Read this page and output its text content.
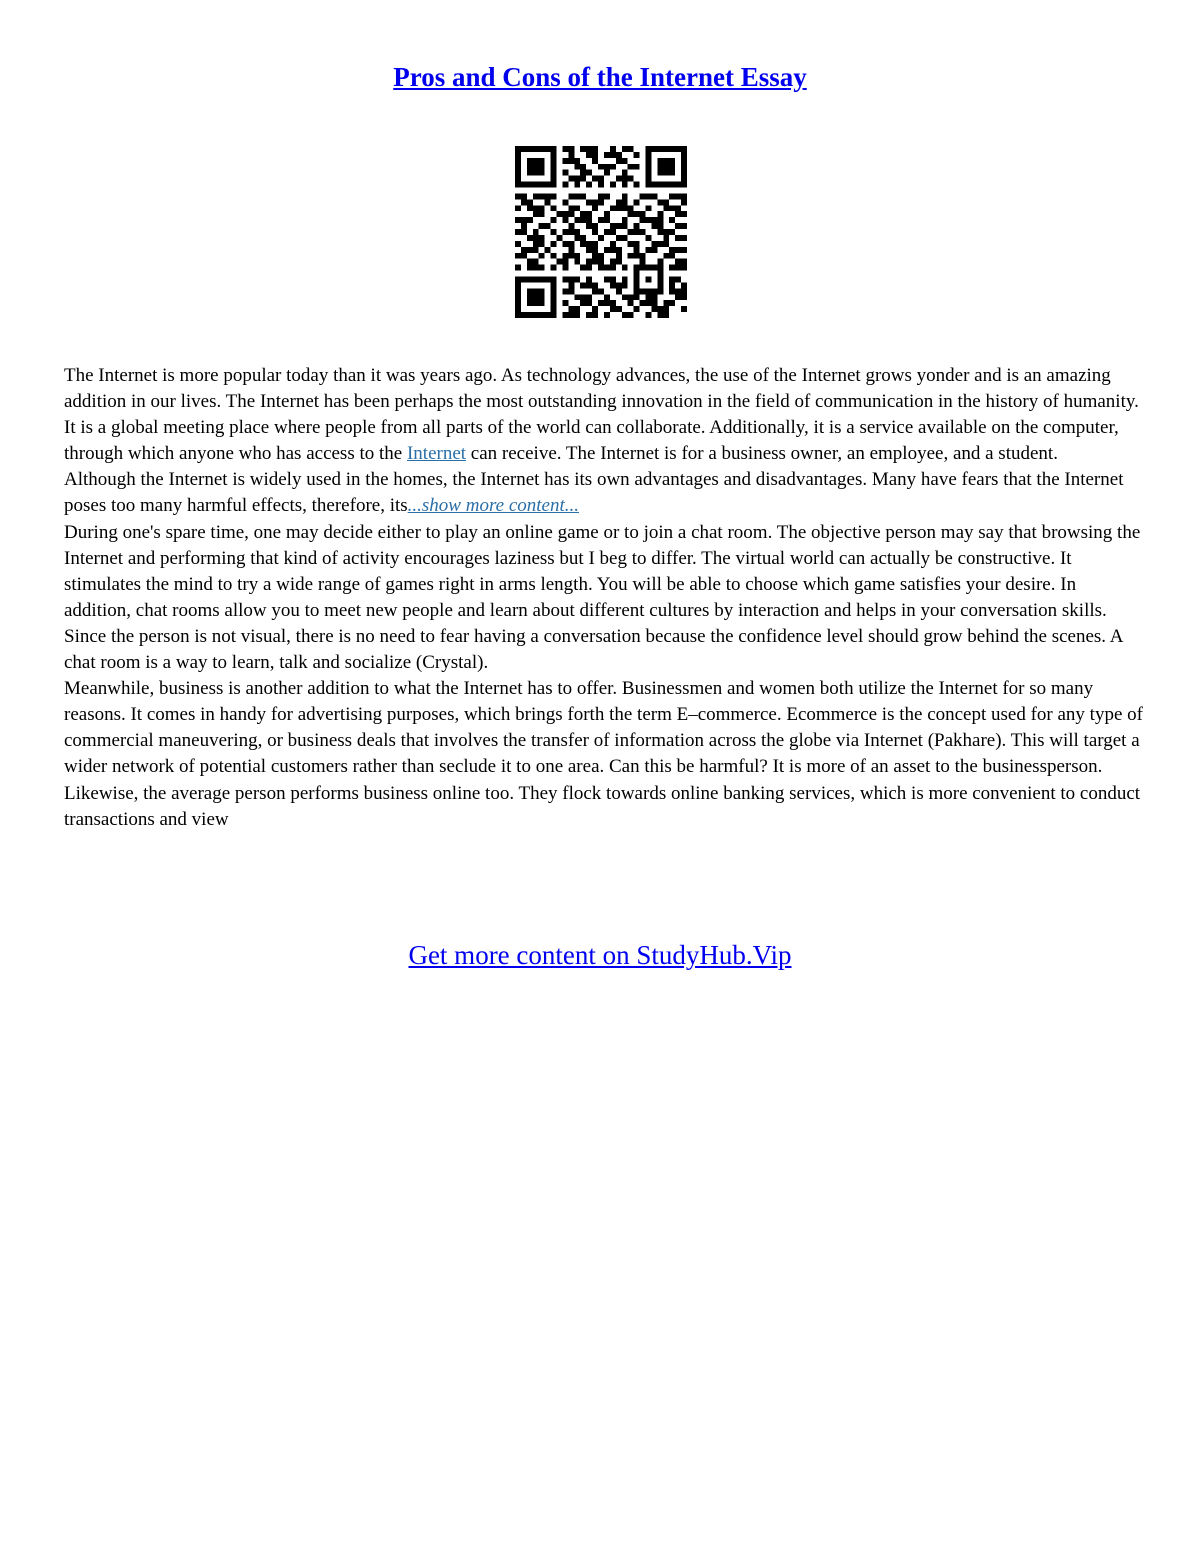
Pros and Cons of the Internet Essay
The Internet is more popular today than it was years ago. As technology advances, the use of the Internet grows yonder and is an amazing addition in our lives. The Internet has been perhaps the most outstanding innovation in the field of communication in the history of humanity. It is a global meeting place where people from all parts of the world can collaborate. Additionally, it is a service available on the computer, through which anyone who has access to the Internet can receive. The Internet is for a business owner, an employee, and a student.
Although the Internet is widely used in the homes, the Internet has its own advantages and disadvantages. Many have fears that the Internet poses too many harmful effects, therefore, its...show more content...
During one's spare time, one may decide either to play an online game or to join a chat room. The objective person may say that browsing the Internet and performing that kind of activity encourages laziness but I beg to differ. The virtual world can actually be constructive. It stimulates the mind to try a wide range of games right in arms length. You will be able to choose which game satisfies your desire. In addition, chat rooms allow you to meet new people and learn about different cultures by interaction and helps in your conversation skills. Since the person is not visual, there is no need to fear having a conversation because the confidence level should grow behind the scenes. A chat room is a way to learn, talk and socialize (Crystal).
Meanwhile, business is another addition to what the Internet has to offer. Businessmen and women both utilize the Internet for so many reasons. It comes in handy for advertising purposes, which brings forth the term E–commerce. Ecommerce is the concept used for any type of commercial maneuvering, or business deals that involves the transfer of information across the globe via Internet (Pakhare). This will target a wider network of potential customers rather than seclude it to one area. Can this be harmful? It is more of an asset to the businessperson. Likewise, the average person performs business online too. They flock towards online banking services, which is more convenient to conduct transactions and view

Get more content on StudyHub.Vip
